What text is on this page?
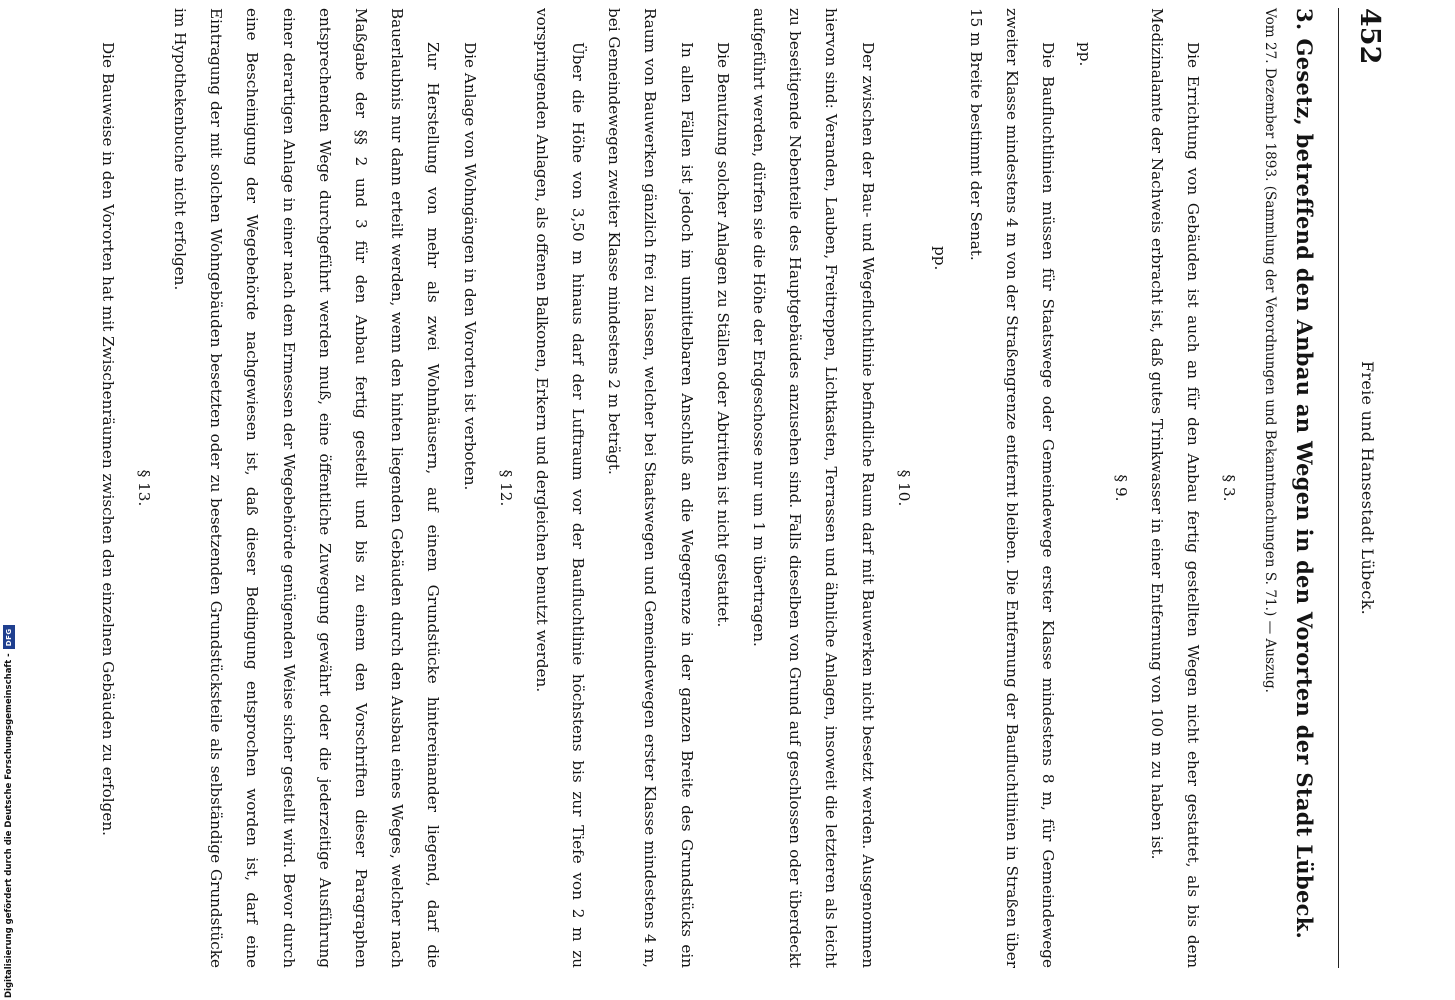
452
Freie und Hansestadt Lübeck.

3.Gesetz, betreffend den Anbau an Wegen in den Vororten der Stadt Lübeck.

Vom 27. Dezember 1893. (Sammlung der Verordnungen und Bekanntmachungen S. 71.) — Auszug.

§ 3.

Die Errichtung von Gebäuden ist auch an für den Anbau fertig gestellten Wegen nicht eher gestattet, als bis dem Medizinalamte der Nachweis erbracht ist, daß gutes Trinkwasser in einer Entfernung von 100 m zu haben ist.

§ 9.

pp.

Die Baufluchtlinien müssen für Staatswege oder Gemeindewege erster Klasse mindestens 8 m, für Gemeindewege zweiter Klasse mindestens 4 m von der Straßengrenze entfernt bleiben. Die Entfernung der Baufluchtlinien in Straßen über 15 m Breite bestimmt der Senat.

pp.

§ 10.

Der zwischen der Bau- und Wegefluchtlinie befindliche Raum darf mit Bauwerken nicht besetzt werden. Ausgenommen hiervon sind: Veranden, Lauben, Freitreppen, Lichtkasten, Terrassen und ähnliche Anlagen, insoweit die letzteren als leicht zu beseitigende Nebenteile des Hauptgebäudes anzusehen sind. Falls dieselben von Grund auf geschlossen oder überdeckt aufgeführt werden, dürfen sie die Höhe der Erdgeschosse nur um 1 m übertragen.

Die Benutzung solcher Anlagen zu Ställen oder Abtritten ist nicht gestattet.

In allen Fällen ist jedoch im unmittelbaren Anschluß an die Wegegrenze in der ganzen Breite des Grundstücks ein Raum von Bauwerken gänzlich frei zu lassen, welcher bei Staatswegen und Gemeindewegen erster Klasse mindestens 4 m, bei Gemeindewegen zweiter Klasse mindestens 2 m beträgt.

Über die Höhe von 3,50 m hinaus darf der Luftraum vor der Baufluchtlinie höchstens bis zur Tiefe von 2 m zu vorspringenden Anlagen, als offenen Balkonen, Erkern und dergleichen benutzt werden.

§ 12.

Die Anlage von Wohngängen in den Vororten ist verboten.

Zur Herstellung von mehr als zwei Wohnhäusern, auf einem Grundstücke hintereinander liegend, darf die Bauerlaubnis nur dann erteilt werden, wenn den hinten liegenden Gebäuden durch den Ausbau eines Weges, welcher nach Maßgabe der §§ 2 und 3 für den Anbau fertig gestellt und bis zu einem den Vorschriften dieser Paragraphen entsprechenden Wege durchgeführt werden muß, eine öffentliche Zuwegung gewährt oder die jederzeitige Ausführung einer derartigen Anlage in einer nach dem Ermessen der Wegebehörde genügenden Weise sicher gestellt wird. Bevor durch eine Bescheinigung der Wegebehörde nachgewiesen ist, daß dieser Bedingung entsprochen worden ist, darf eine Eintragung der mit solchen Wohngebäuden besetzten oder zu besetzenden Grundstücksteile als selbständige Grundstücke im Hypothekenbuche nicht erfolgen.

§ 13.

Die Bauweise in den Vororten hat mit Zwischenräumen zwischen den einzelnen Gebäuden zu erfolgen.

Digitalisierung gefördert durch die Deutsche Forschungsgemeinschaft -
DFG
